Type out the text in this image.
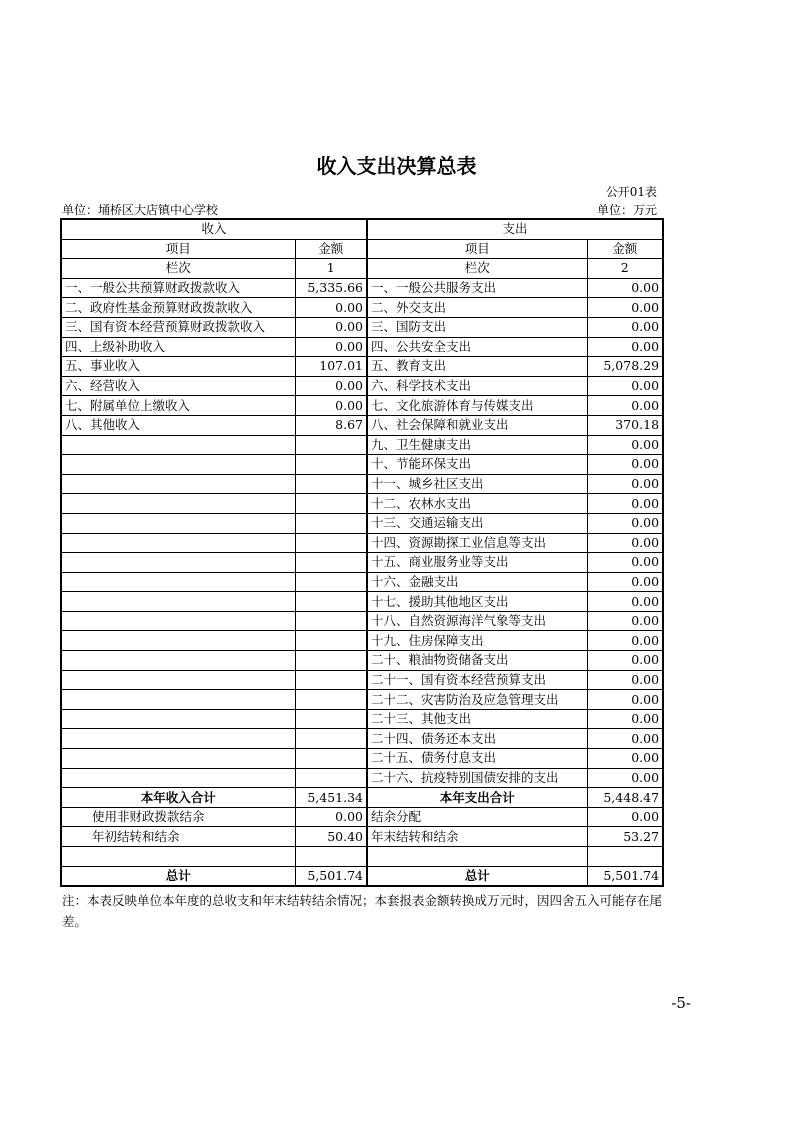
收入支出决算总表
公开01表
单位：埇桥区大店镇中心学校	单位：万元
收入		支出	
项目	金额	项目	金额
栏次	1	栏次	2
一、一般公共预算财政拨款收入	5,335.66	一、一般公共服务支出	0.00
二、政府性基金预算财政拨款收入	0.00	二、外交支出	0.00
三、国有资本经营预算财政拨款收入	0.00	三、国防支出	0.00
四、上级补助收入	0.00	四、公共安全支出	0.00
五、事业收入	107.01	五、教育支出	5,078.29
六、经营收入	0.00	六、科学技术支出	0.00
七、附属单位上缴收入	0.00	七、文化旅游体育与传媒支出	0.00
八、其他收入	8.67	八、社会保障和就业支出	370.18
		九、卫生健康支出	0.00
		十、节能环保支出	0.00
		十一、城乡社区支出	0.00
		十二、农林水支出	0.00
		十三、交通运输支出	0.00
		十四、资源勘探工业信息等支出	0.00
		十五、商业服务业等支出	0.00
		十六、金融支出	0.00
		十七、援助其他地区支出	0.00
		十八、自然资源海洋气象等支出	0.00
		十九、住房保障支出	0.00
		二十、粮油物资储备支出	0.00
		二十一、国有资本经营预算支出	0.00
		二十二、灾害防治及应急管理支出	0.00
		二十三、其他支出	0.00
		二十四、债务还本支出	0.00
		二十五、债务付息支出	0.00
		二十六、抗疫特别国债安排的支出	0.00
本年收入合计	5,451.34	本年支出合计	5,448.47
使用非财政拨款结余	0.00	结余分配	0.00
年初结转和结余	50.40	年末结转和结余	53.27

总计	5,501.74	总计	5,501.74
注：本表反映单位本年度的总收支和年末结转结余情况；本套报表金额转换成万元时，因四舍五入可能存在尾差。
-5-
